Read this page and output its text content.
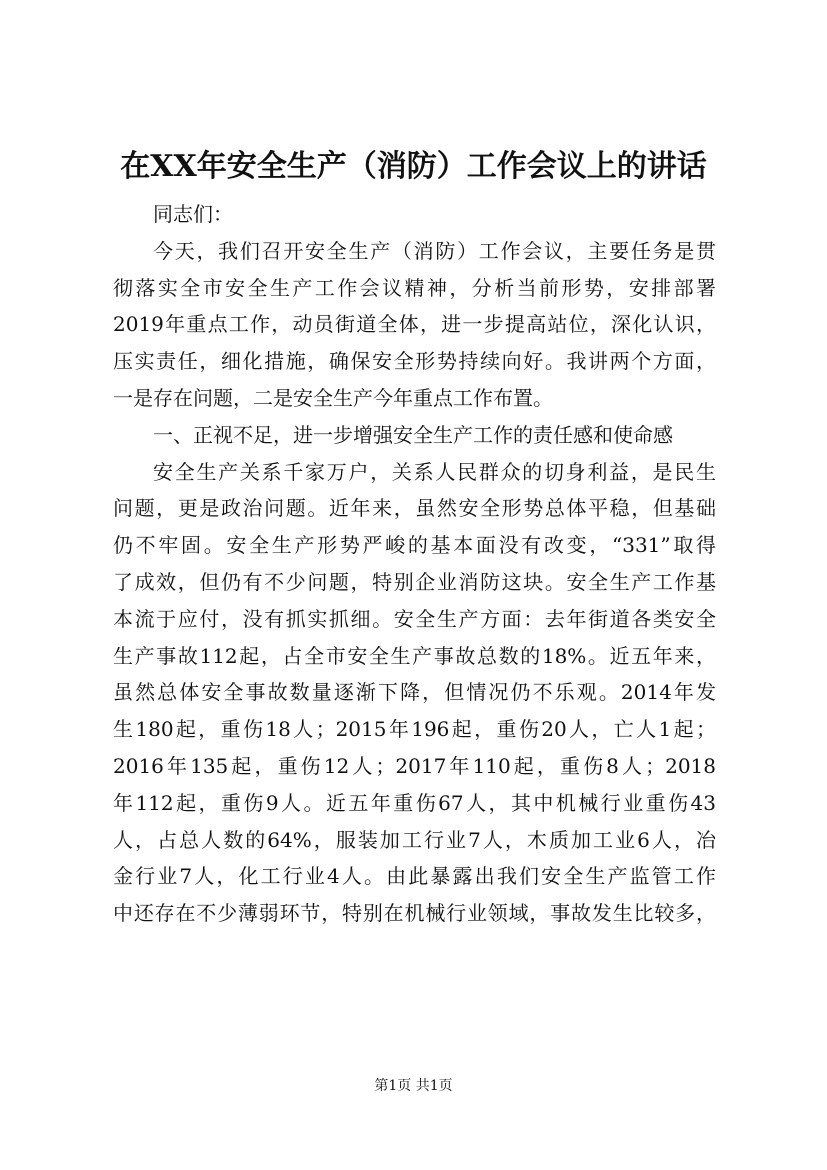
在XX年安全生产（消防）工作会议上的讲话
同志们：
今天，我们召开安全生产（消防）工作会议，主要任务是贯
彻落实全市安全生产工作会议精神，分析当前形势，安排部署
2019年重点工作，动员街道全体，进一步提高站位，深化认识，
压实责任，细化措施，确保安全形势持续向好。我讲两个方面，
一是存在问题，二是安全生产今年重点工作布置。
一、正视不足，进一步增强安全生产工作的责任感和使命感
安全生产关系千家万户，关系人民群众的切身利益，是民生
问题，更是政治问题。近年来，虽然安全形势总体平稳，但基础
仍不牢固。安全生产形势严峻的基本面没有改变，“331”取得
了成效，但仍有不少问题，特别企业消防这块。安全生产工作基
本流于应付，没有抓实抓细。安全生产方面：去年街道各类安全
生产事故112起，占全市安全生产事故总数的18%。近五年来，
虽然总体安全事故数量逐渐下降，但情况仍不乐观。2014年发
生180起，重伤18人；2015年196起，重伤20人，亡人1起；
2016年135起，重伤12人；2017年110起，重伤8人；2018
年112起，重伤9人。近五年重伤67人，其中机械行业重伤43
人，占总人数的64%，服装加工行业7人，木质加工业6人，冶
金行业7人，化工行业4人。由此暴露出我们安全生产监管工作
中还存在不少薄弱环节，特别在机械行业领域，事故发生比较多，
第1页 共1页
